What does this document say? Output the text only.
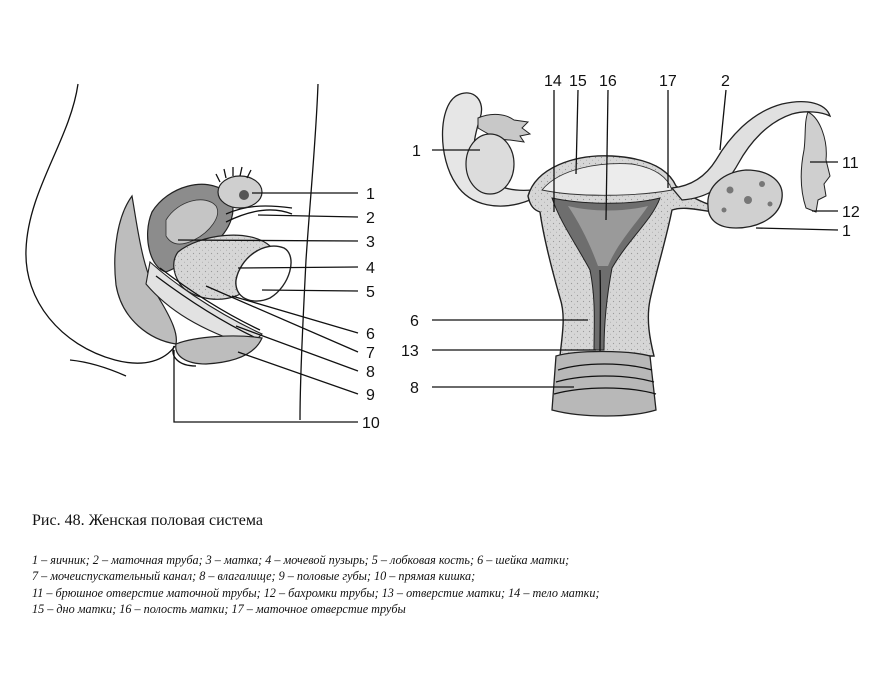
1
2
3
4
5
6
7
8
9
10
14 15 16	17	2
1
6
13
8
11
12
1
Рис. 48. Женская половая система
1 – яичник; 2 – маточная труба; 3 – матка; 4 – мочевой пузырь; 5 – лобковая кость; 6 – шейка матки;
7 – мочеиспускательный канал; 8 – влагалище; 9 – половые губы; 10 – прямая кишка;
11 – брюшное отверстие маточной трубы; 12 – бахромки трубы; 13 – отверстие матки; 14 – тело матки;
15 – дно матки; 16 – полость матки; 17 – маточное отверстие трубы
